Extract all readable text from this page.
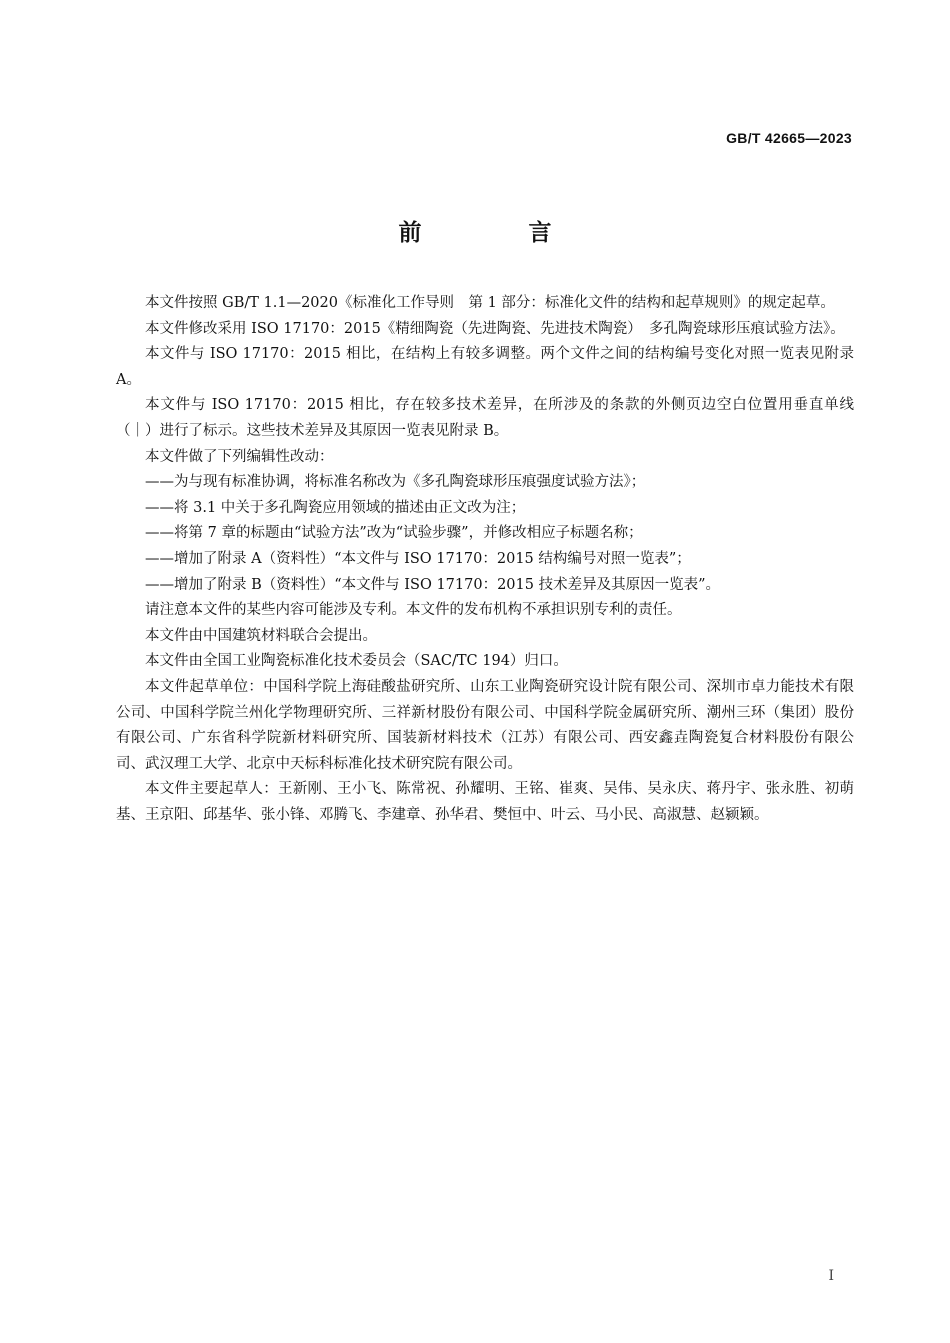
GB/T 42665—2023
前　言

本文件按照 GB/T 1.1—2020《标准化工作导则　第 1 部分：标准化文件的结构和起草规则》的规定起草。

本文件修改采用 ISO 17170：2015《精细陶瓷（先进陶瓷、先进技术陶瓷）　多孔陶瓷球形压痕试验方法》。

本文件与 ISO 17170：2015 相比，在结构上有较多调整。两个文件之间的结构编号变化对照一览表见附录 A。

本文件与 ISO 17170：2015 相比，存在较多技术差异，在所涉及的条款的外侧页边空白位置用垂直单线（｜）进行了标示。这些技术差异及其原因一览表见附录 B。

本文件做了下列编辑性改动：

——为与现有标准协调，将标准名称改为《多孔陶瓷球形压痕强度试验方法》；

——将 3.1 中关于多孔陶瓷应用领域的描述由正文改为注；

——将第 7 章的标题由“试验方法”改为“试验步骤”，并修改相应子标题名称；

——增加了附录 A（资料性）“本文件与 ISO 17170：2015 结构编号对照一览表”；

——增加了附录 B（资料性）“本文件与 ISO 17170：2015 技术差异及其原因一览表”。

请注意本文件的某些内容可能涉及专利。本文件的发布机构不承担识别专利的责任。

本文件由中国建筑材料联合会提出。

本文件由全国工业陶瓷标准化技术委员会（SAC/TC 194）归口。

本文件起草单位：中国科学院上海硅酸盐研究所、山东工业陶瓷研究设计院有限公司、深圳市卓力能技术有限公司、中国科学院兰州化学物理研究所、三祥新材股份有限公司、中国科学院金属研究所、潮州三环（集团）股份有限公司、广东省科学院新材料研究所、国装新材料技术（江苏）有限公司、西安鑫垚陶瓷复合材料股份有限公司、武汉理工大学、北京中天标科标准化技术研究院有限公司。

本文件主要起草人：王新刚、王小飞、陈常祝、孙耀明、王铭、崔爽、吴伟、吴永庆、蒋丹宇、张永胜、初萌基、王京阳、邱基华、张小锋、邓腾飞、李建章、孙华君、樊恒中、叶云、马小民、高淑慧、赵颍颖。

I
